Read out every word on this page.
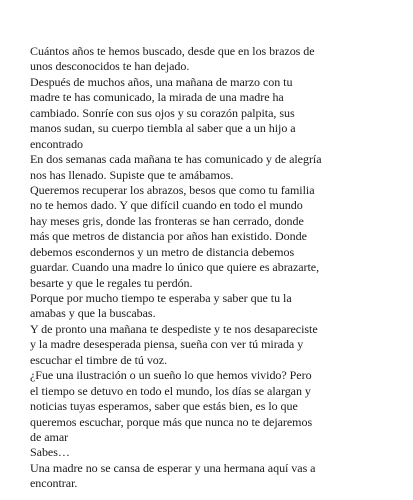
Cuántos años te hemos buscado, desde que en los brazos de
unos desconocidos te han dejado.
Después de muchos años, una mañana de marzo con tu
madre te has comunicado, la mirada de una madre ha
cambiado. Sonríe con sus ojos y su corazón palpita, sus
manos sudan, su cuerpo tiembla al saber que a un hijo a
encontrado
En dos semanas cada mañana te has comunicado y de alegría
nos has llenado. Supiste que te amábamos.
Queremos recuperar los abrazos, besos que como tu familia
no te hemos dado. Y que difícil cuando en todo el mundo
hay meses gris, donde las fronteras se han cerrado, donde
más que metros de distancia por años han existido. Donde
debemos escondernos y un metro de distancia debemos
guardar. Cuando una madre lo único que quiere es abrazarte,
besarte y que le regales tu perdón.
Porque por mucho tiempo te esperaba y saber que tu la
amabas y que la buscabas.
Y de pronto una mañana te despediste y te nos desapareciste
y la madre desesperada piensa, sueña con ver tú mirada y
escuchar el timbre de tú voz.
¿Fue una ilustración o un sueño lo que hemos vivido? Pero
el tiempo se detuvo en todo el mundo, los días se alargan y
noticias tuyas esperamos, saber que estás bien, es lo que
queremos escuchar, porque más que nunca no te dejaremos
de amar
Sabes…
Una madre no se cansa de esperar y una hermana aquí vas a
encontrar.
